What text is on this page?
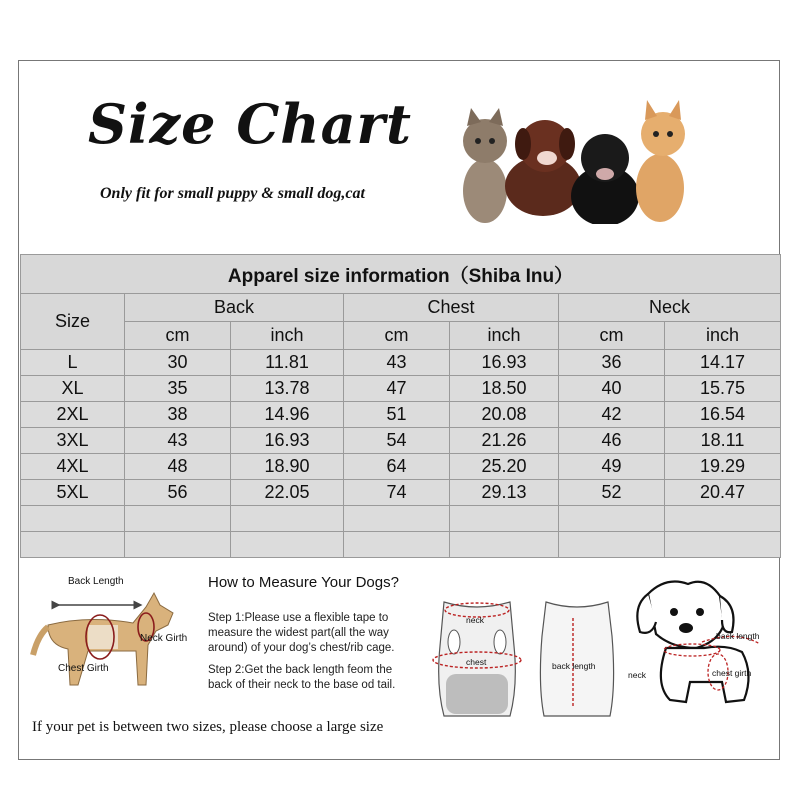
Size Chart
Only fit for small puppy & small dog,cat
Apparel size information（Shiba Inu）						
Size	Back		Chest		Neck	
	cm	inch	cm	inch	cm	inch
L	30	11.81	43	16.93	36	14.17
XL	35	13.78	47	18.50	40	15.75
2XL	38	14.96	51	20.08	42	16.54
3XL	43	16.93	54	21.26	46	18.11
4XL	48	18.90	64	25.20	49	19.29
5XL	56	22.05	74	29.13	52	20.47

Back Length
Neck Girth
Chest Girth
How to Measure Your Dogs?
Step 1:Please use a flexible tape to measure the widest part(all the way around) of your dog’s chest/rib cage.
Step 2:Get the back length feom the back of their neck to the base od tail.
neck
chest	back length
back length
neck	chest girth
If your pet is between two sizes, please choose a large size
